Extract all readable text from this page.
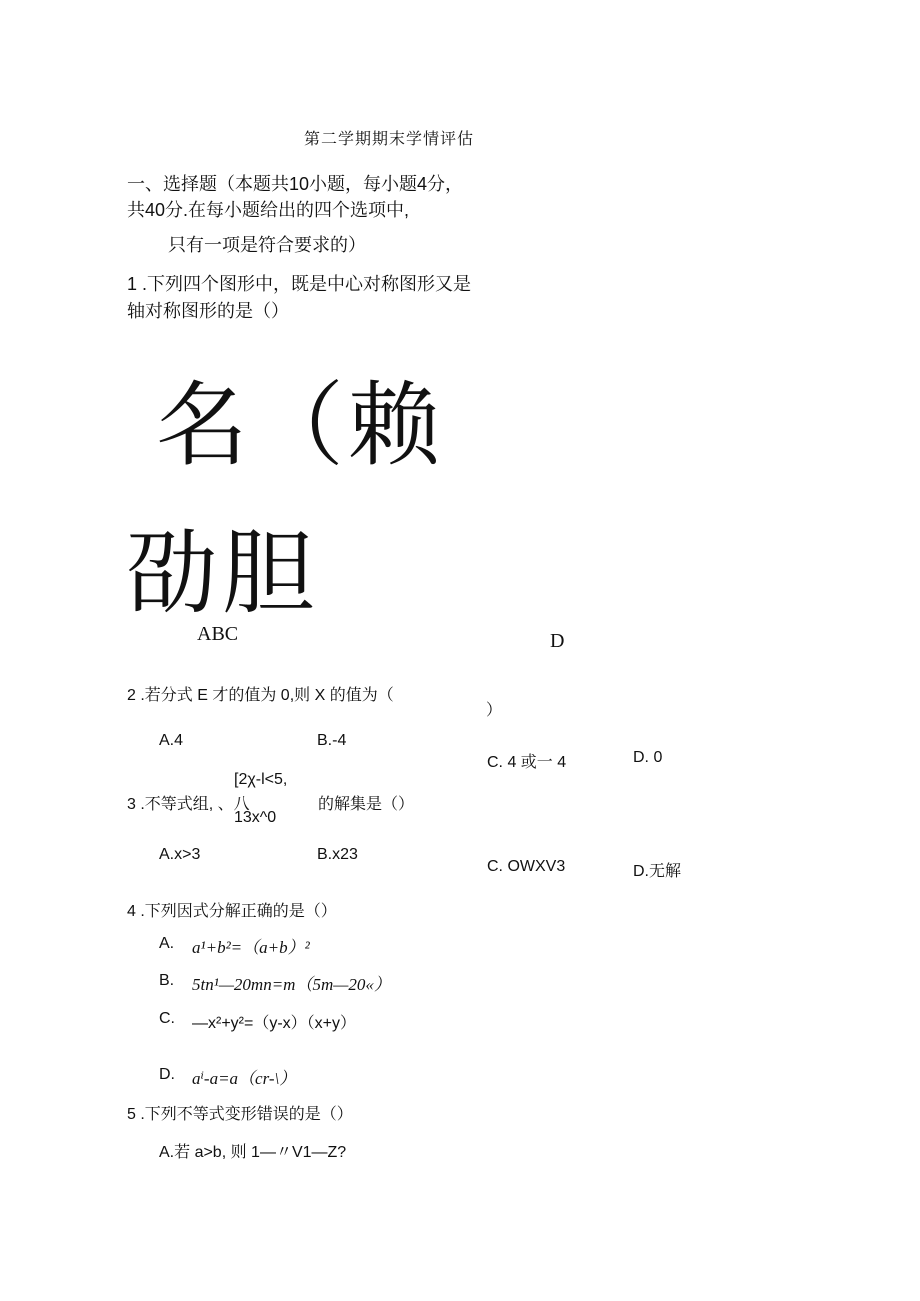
第二学期期末学情评估
一、选择题（本题共10小题，每小题4分，
共40分.在每小题给出的四个选项中,
只有一项是符合要求的）
1 .下列四个图形中，既是中心对称图形又是
轴对称图形的是（）
名（赖
劭胆
ABC	D
2 .若分式 E 才的值为 0,则 X 的值为（
）
A.4	B.-4
C. 4 或一 4	D. 0
[2χ-l<5,
3 .不等式组, 、八
13x^0
的解集是（）
A.x>3	B.x23
C. OWXV3	D.无解
4 .下列因式分解正确的是（）
A. a¹+b²=（a+b）²
B. 5tn¹—20mn=m（5m—20«）
C. —x²+y²=（y-x）（x+y）
D. aⁱ-a=a（cr-\）
5 .下列不等式变形错误的是（）
A.若 a>b, 则 1—〃V1—Z?
